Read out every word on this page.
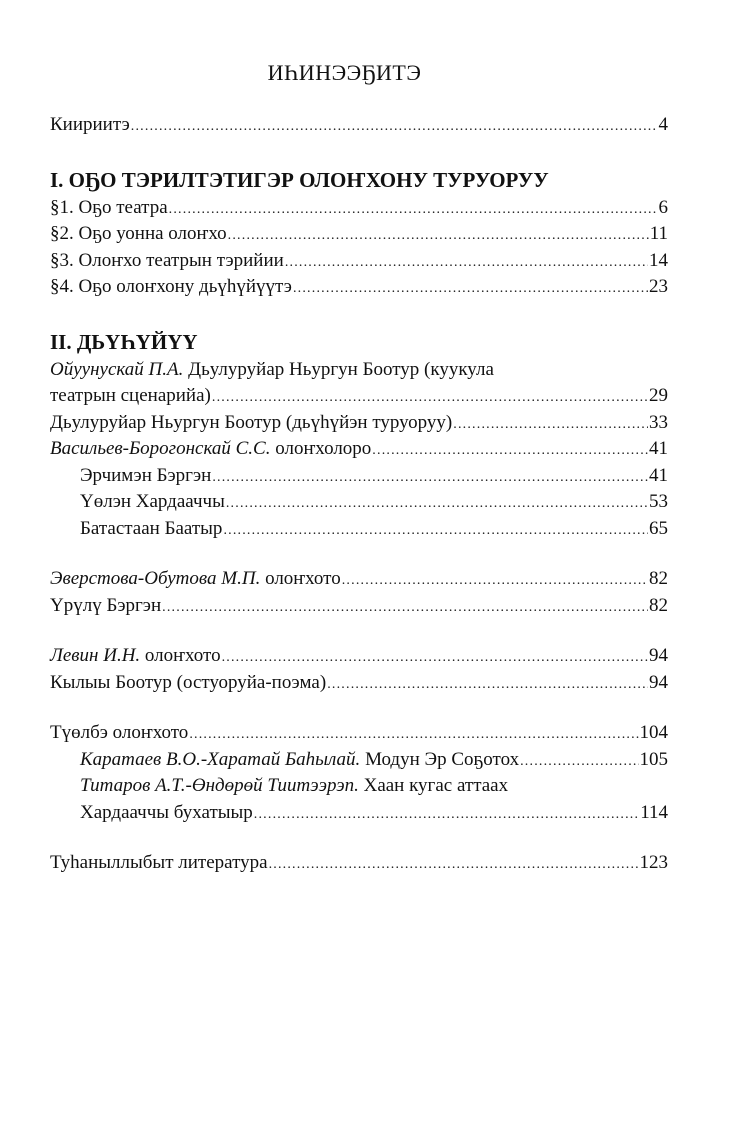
ИҺИНЭЭҔИТЭ
Киириитэ .....	4
I. ОҔО ТЭРИЛТЭТИГЭР ОЛОҤХОНУ ТУРУОРУУ
§1. Оҕо театра .....	6
§2. Оҕо уонна олоҥхо .....	11
§3. Олоҥхо театрын тэрийии .....	14
§4. Оҕо олоҥхону дьүһүйүүтэ .....	23
II. ДЬҮҺҮЙҮҮ
Ойуунускай П.А. Дьулуруйар Ньургун Боотур (куукула
театрын сценарийа) .....	29
Дьулуруйар Ньургун Боотур (дьүһүйэн туруоруу) .....	33
Васильев-Борогонскай С.С. олоҥхолоро .....	41
Эрчимэн Бэргэн .....	41
Үөлэн Хардааччы .....	53
Батастаан Баатыр .....	65
Эверстова-Обутова М.П. олоҥхото .....	82
Үрүлү Бэргэн .....	82
Левин И.Н. олоҥхото .....	94
Кылыы Боотур (остуоруйа-поэма) .....	94
Түөлбэ олоҥхото .....	104
Каратаев В.О.-Харатай Баһылай. Модун Эр Соҕотох .....	105
Титаров А.Т.-Өндөрөй Тиитээрэп. Хаан кугас аттаах
Хардааччы бухатыыр .....	114
Туһаныллыбыт литература .....	123
